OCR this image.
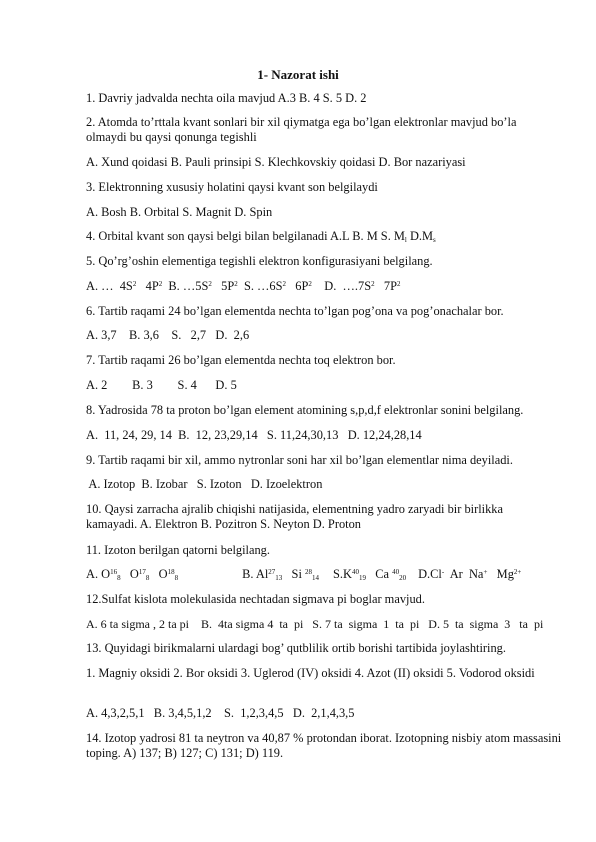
1- Nazorat ishi
1. Davriy jadvalda nechta oila mavjud A.3 B. 4 S. 5 D. 2
2. Atomda to’rttala kvant sonlari bir xil qiymatga ega bo’lgan elektronlar mavjud bo’la olmaydi bu qaysi qonunga tegishli
A. Xund qoidasi B. Pauli prinsipi S. Klechkovskiy qoidasi D. Bor nazariyasi
3. Elektronning xususiy holatini qaysi kvant son belgilaydi
A. Bosh B. Orbital S. Magnit D. Spin
4. Orbital kvant son qaysi belgi bilan belgilanadi A.L B. M S. $M_l$ $D.M_s$
5. Qo’rg’oshin elementiga tegishli elektron konfigurasiyani belgilang.
A. …  $4S^2$   $4P^2$  B. $\dots 5S^2$   $5P^2$  S. $\dots 6S^2$   $6P^2$    D.  $\dots.7S^2$   $7P^2$
6. Tartib raqami 24 bo’lgan elementda nechta to’lgan pog’ona va pog’onachalar bor.
A. 3,7    B. 3,6    S.   2,7   D.  2,6
7. Tartib raqami 26 bo’lgan elementda nechta toq elektron bor.
A. 2        B. 3        S. 4      D. 5
8. Yadrosida 78 ta proton bo’lgan element atomining s,p,d,f elektronlar sonini belgilang.
A.  11, 24, 29, 14  B.  12, 23,29,14   S. 11,24,30,13   D. 12,24,28,14
9. Tartib raqami bir xil, ammo nytronlar soni har xil bo’lgan elementlar nima deyiladi.
A. Izotop  B. Izobar   S. Izoton   D. Izoelektron
10. Qaysi zarracha ajralib chiqishi natijasida, elementning yadro zaryadi bir birlikka kamayadi. A. Elektron B. Pozitron S. Neyton D. Proton
11. Izoton berilgan qatorni belgilang.
A. $O^{16}_8$   $O^{17}_8$   $O^{18}_8$	B. $Al^{27}_{13}$   Si $^{28}_{14}$ $S.K^{40}_{19}$   Ca $^{40}_{20}$ D.Cl-  Ar  Na+   $Mg^{2+}$
12.Sulfat kislota molekulasida nechtadan sigmava pi boglar mavjud.
A. 6 ta sigma , 2 ta pi    B.  4ta sigma 4  ta  pi   S. 7 ta  sigma  1  ta  pi   D. 5  ta  sigma  3   ta  pi
13. Quyidagi birikmalarni ulardagi bog’ qutblilik ortib borishi tartibida joylashtiring.
1. Magniy oksidi 2. Bor oksidi 3. Uglerod (IV) oksidi 4. Azot (II) oksidi 5. Vodorod oksidi
A. 4,3,2,5,1   B. 3,4,5,1,2    S.  1,2,3,4,5   D.  2,1,4,3,5
14. Izotop yadrosi 81 ta neytron va 40,87 % protondan iborat. Izotopning nisbiy atom massasini toping. A) 137; B) 127; C) 131; D) 119.
